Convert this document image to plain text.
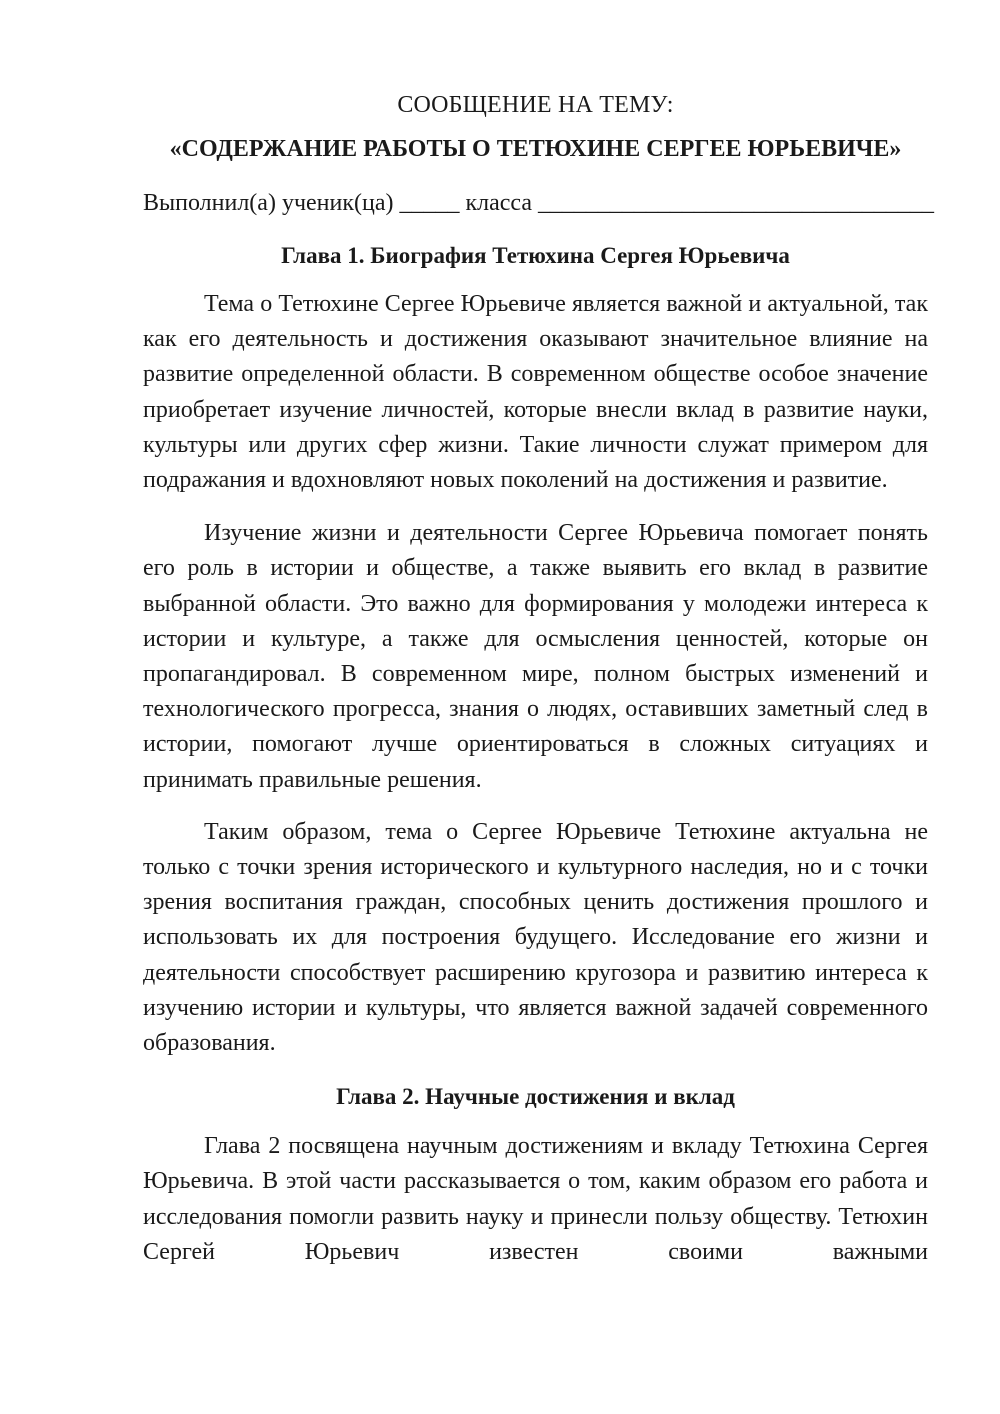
СООБЩЕНИЕ НА ТЕМУ:
«СОДЕРЖАНИЕ РАБОТЫ О ТЕТЮХИНЕ СЕРГЕЕ ЮРЬЕВИЧЕ»
Выполнил(а) ученик(ца) _____ класса _________________________________
Глава 1. Биография Тетюхина Сергея Юрьевича

Тема о Тетюхине Сергее Юрьевиче является важной и актуальной, так как его деятельность и достижения оказывают значительное влияние на развитие определенной области. В современном обществе особое значение приобретает изучение личностей, которые внесли вклад в развитие науки, культуры или других сфер жизни. Такие личности служат примером для подражания и вдохновляют новых поколений на достижения и развитие.

Изучение жизни и деятельности Сергее Юрьевича помогает понять его роль в истории и обществе, а также выявить его вклад в развитие выбранной области. Это важно для формирования у молодежи интереса к истории и культуре, а также для осмысления ценностей, которые он пропагандировал. В современном мире, полном быстрых изменений и технологического прогресса, знания о людях, оставивших заметный след в истории, помогают лучше ориентироваться в сложных ситуациях и принимать правильные решения.

Таким образом, тема о Сергее Юрьевиче Тетюхине актуальна не только с точки зрения исторического и культурного наследия, но и с точки зрения воспитания граждан, способных ценить достижения прошлого и использовать их для построения будущего. Исследование его жизни и деятельности способствует расширению кругозора и развитию интереса к изучению истории и культуры, что является важной задачей современного образования.

Глава 2. Научные достижения и вклад

Глава 2 посвящена научным достижениям и вкладу Тетюхина Сергея Юрьевича. В этой части рассказывается о том, каким образом его работа и исследования помогли развить науку и принесли пользу обществу. Тетюхин Сергей Юрьевич известен своими важными
